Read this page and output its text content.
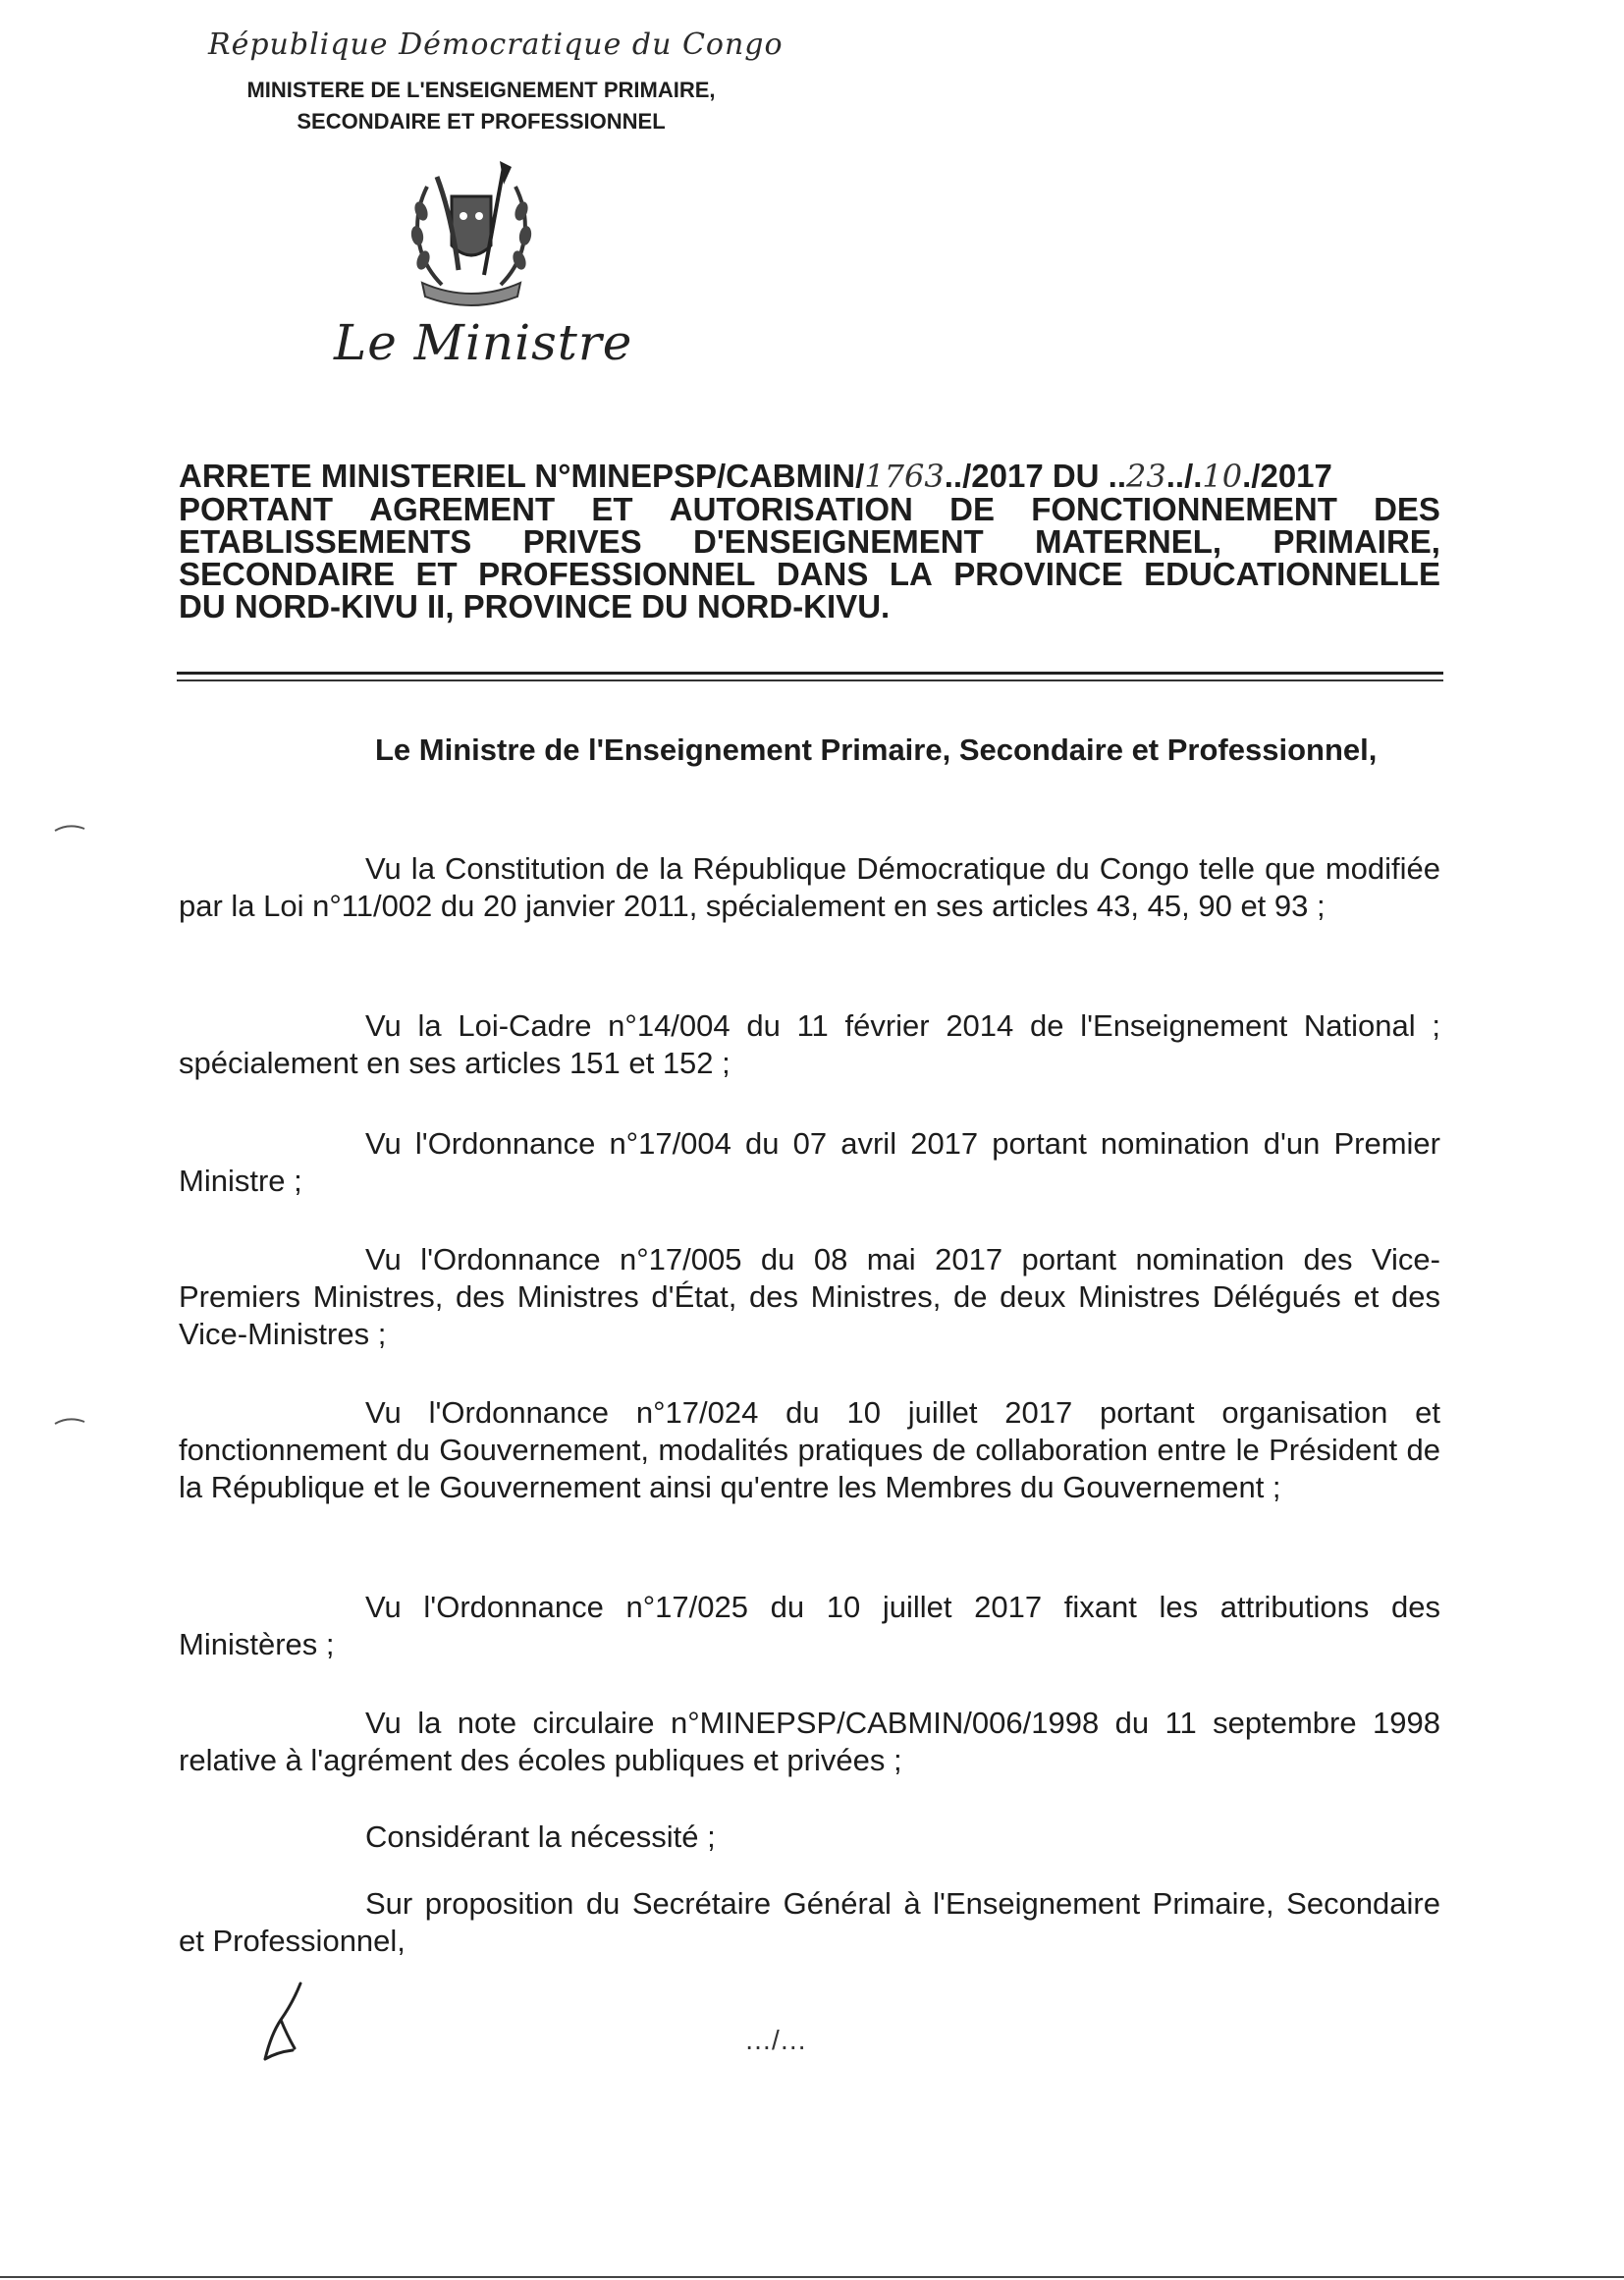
République Démocratique du Congo
MINISTERE DE L'ENSEIGNEMENT PRIMAIRE,
SECONDAIRE ET PROFESSIONNEL
Le Ministre
ARRETE MINISTERIEL N°MINEPSP/CABMIN/1763../2017 DU ..23../.10./2017
PORTANT AGREMENT ET AUTORISATION DE FONCTIONNEMENT DES
ETABLISSEMENTS PRIVES D'ENSEIGNEMENT MATERNEL, PRIMAIRE,
SECONDAIRE ET PROFESSIONNEL DANS LA PROVINCE EDUCATIONNELLE
DU NORD-KIVU II, PROVINCE DU NORD-KIVU.
Le Ministre de l'Enseignement Primaire, Secondaire et Professionnel,
Vu la Constitution de la République Démocratique du Congo telle que modifiée par la Loi n°11/002 du 20 janvier 2011, spécialement en ses articles 43, 45, 90 et 93 ;
Vu la Loi-Cadre n°14/004 du 11 février 2014 de l'Enseignement National ; spécialement en ses articles 151 et 152 ;
Vu l'Ordonnance n°17/004 du 07 avril 2017 portant nomination d'un Premier Ministre ;
Vu l'Ordonnance n°17/005 du 08 mai 2017 portant nomination des Vice-Premiers Ministres, des Ministres d'État, des Ministres, de deux Ministres Délégués et des Vice-Ministres ;
Vu l'Ordonnance n°17/024 du 10 juillet 2017 portant organisation et fonctionnement du Gouvernement, modalités pratiques de collaboration entre le Président de la République et le Gouvernement ainsi qu'entre les Membres du Gouvernement ;
Vu l'Ordonnance n°17/025 du 10 juillet 2017 fixant les attributions des Ministères ;
Vu la note circulaire n°MINEPSP/CABMIN/006/1998 du 11 septembre 1998 relative à l'agrément des écoles publiques et privées ;
Considérant la nécessité ;
Sur proposition du Secrétaire Général à l'Enseignement Primaire, Secondaire et Professionnel,
…/…
